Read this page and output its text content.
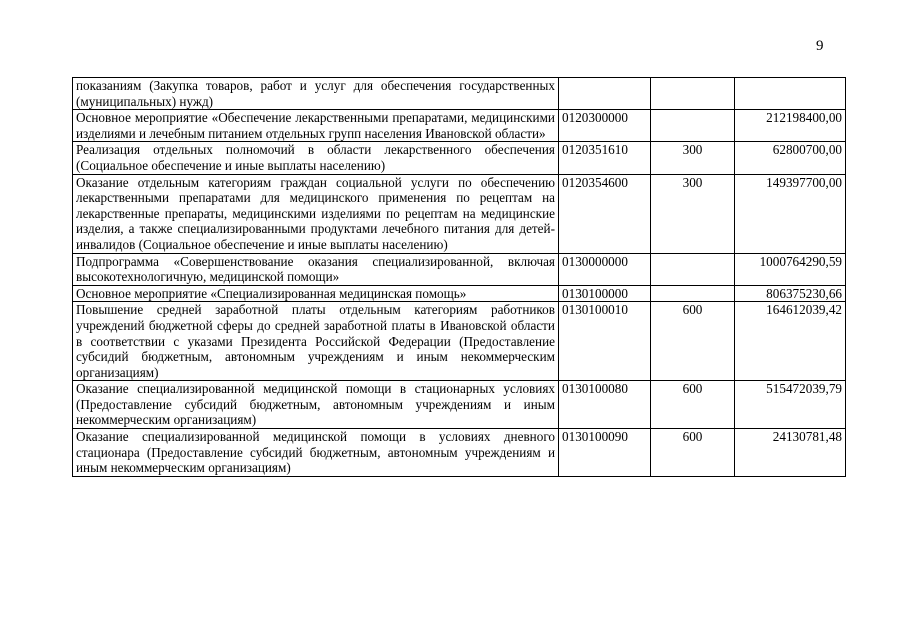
9
показаниям (Закупка товаров, работ и услуг для обеспечения государственных (муниципальных) нужд)			
Основное мероприятие «Обеспечение лекарственными препаратами, медицинскими изделиями и лечебным питанием отдельных групп населения Ивановской области»	0120300000		212198400,00
Реализация отдельных полномочий в области лекарственного обеспечения (Социальное обеспечение и иные выплаты населению)	0120351610	300	62800700,00
Оказание отдельным категориям граждан социальной услуги по обеспечению лекарственными препаратами для медицинского применения по рецептам на лекарственные препараты, медицинскими изделиями по рецептам на медицинские изделия, а также специализированными продуктами лечебного питания для детей-инвалидов (Социальное обеспечение и иные выплаты населению)	0120354600	300	149397700,00
Подпрограмма «Совершенствование оказания специализированной, включая высокотехнологичную, медицинской помощи»	0130000000		1000764290,59
Основное мероприятие «Специализированная медицинская помощь»	0130100000		806375230,66
Повышение средней заработной платы отдельным категориям работников учреждений бюджетной сферы до средней заработной платы в Ивановской области в соответствии с указами Президента Российской Федерации (Предоставление субсидий бюджетным, автономным учреждениям и иным некоммерческим организациям)	0130100010	600	164612039,42
Оказание специализированной медицинской помощи в стационарных условиях (Предоставление субсидий бюджетным, автономным учреждениям и иным некоммерческим организациям)	0130100080	600	515472039,79
Оказание специализированной медицинской помощи в условиях дневного стационара (Предоставление субсидий бюджетным, автономным учреждениям и иным некоммерческим организациям)	0130100090	600	24130781,48
